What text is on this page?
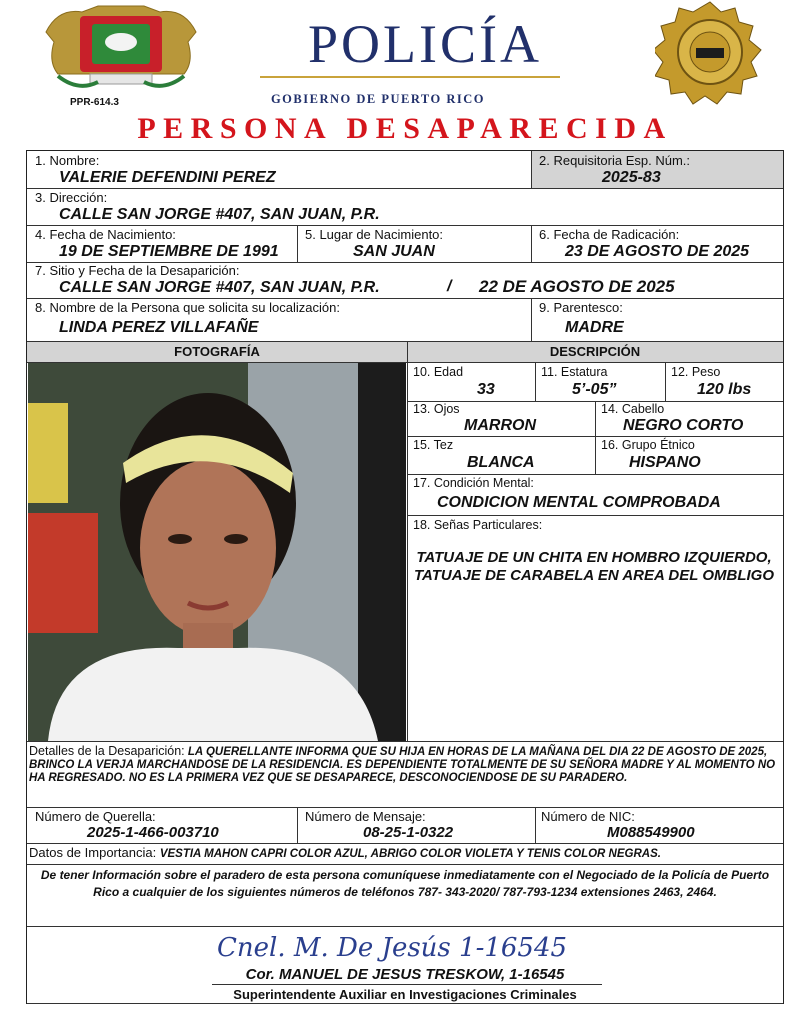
POLICÍA
GOBIERNO DE PUERTO RICO
PPR-614.3
PERSONA DESAPARECIDA
1. Nombre:
VALERIE DEFENDINI PEREZ
2. Requisitoria Esp. Núm.:
2025-83
3. Dirección:
CALLE SAN JORGE #407, SAN JUAN, P.R.
4. Fecha de Nacimiento:
19 DE SEPTIEMBRE DE 1991
5. Lugar de Nacimiento:
SAN JUAN
6. Fecha de Radicación:
23 DE AGOSTO DE 2025
7. Sitio y Fecha de la Desaparición:
CALLE SAN JORGE #407, SAN JUAN, P.R.	/ 22 DE AGOSTO DE 2025
8. Nombre de la Persona que solicita su localización:
LINDA PEREZ VILLAFAÑE
9. Parentesco:
MADRE
FOTOGRAFÍA	DESCRIPCIÓN
10. Edad
33
11. Estatura
5’-05”
12. Peso
120 lbs
13. Ojos
MARRON
14. Cabello
NEGRO CORTO
15. Tez
BLANCA
16. Grupo Étnico
HISPANO
17. Condición Mental:
CONDICION MENTAL COMPROBADA
18. Señas Particulares:
TATUAJE DE UN CHITA EN HOMBRO IZQUIERDO, TATUAJE DE CARABELA EN AREA DEL OMBLIGO
Detalles de la Desaparición: LA QUERELLANTE INFORMA QUE SU HIJA EN HORAS DE LA MAÑANA DEL DIA 22 DE AGOSTO DE 2025, BRINCO LA VERJA MARCHANDOSE DE LA RESIDENCIA. ES DEPENDIENTE TOTALMENTE DE SU SEÑORA MADRE Y AL MOMENTO NO HA REGRESADO. NO ES LA PRIMERA VEZ QUE SE DESAPARECE, DESCONOCIENDOSE DE SU PARADERO.
Número de Querella:
2025-1-466-003710
Número de Mensaje:
08-25-1-0322
Número de NIC:
M088549900
Datos de Importancia: VESTIA MAHON CAPRI COLOR AZUL, ABRIGO COLOR VIOLETA Y TENIS COLOR NEGRAS.
De tener Información sobre el paradero de esta persona comuníquese inmediatamente con el Negociado de la Policía de Puerto Rico a cualquier de los siguientes números de teléfonos 787- 343-2020/ 787-793-1234 extensiones 2463, 2464.
Cnel. M. De Jesús 1-16545
Cor. MANUEL DE JESUS TRESKOW, 1-16545
Superintendente Auxiliar en Investigaciones Criminales
